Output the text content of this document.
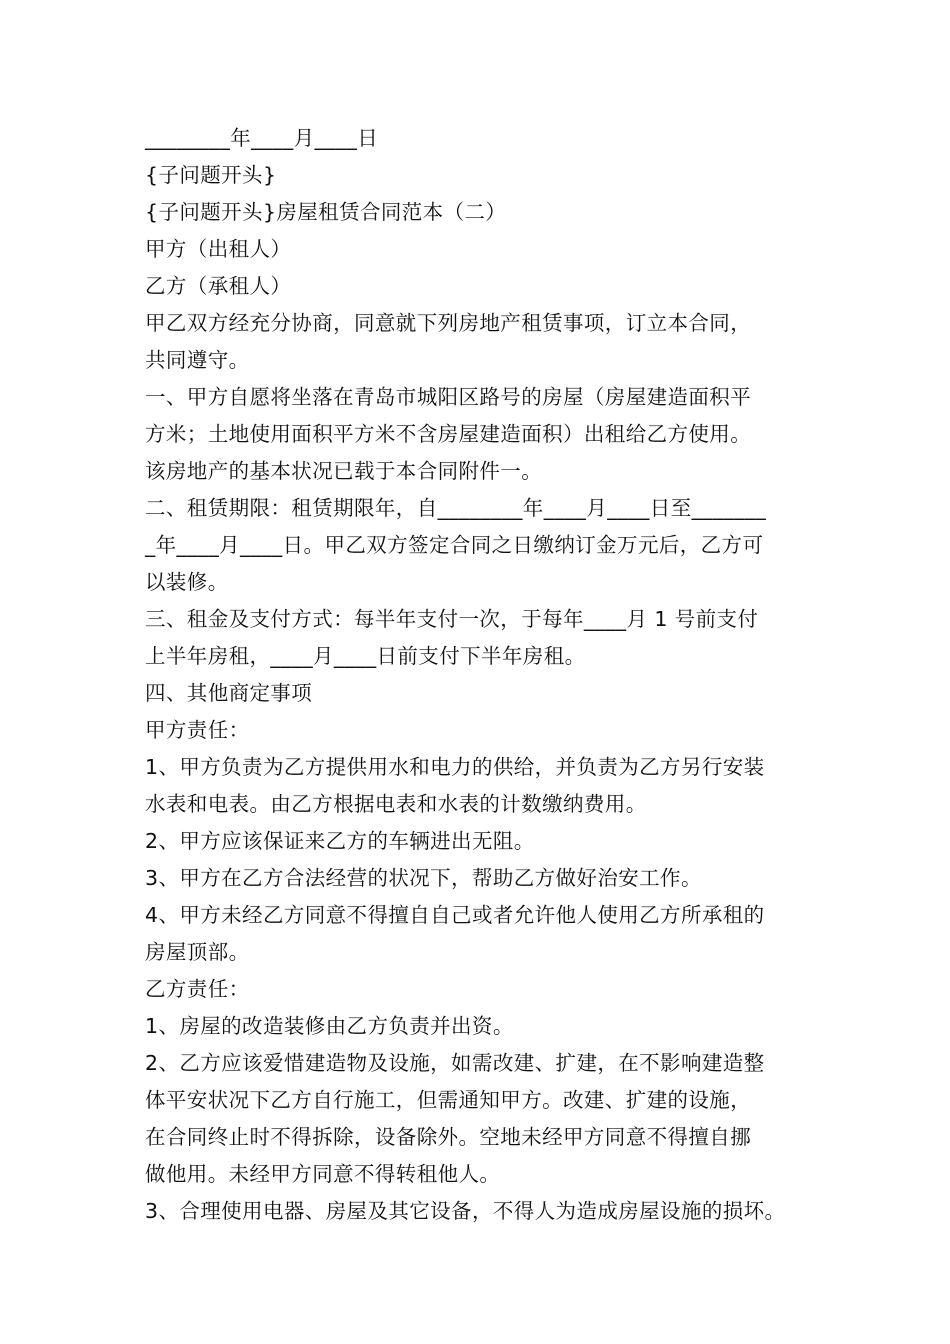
________年____月____日
{子问题开头}
{子问题开头}房屋租赁合同范本（二）
甲方（出租人）
乙方（承租人）
甲乙双方经充分协商，同意就下列房地产租赁事项，订立本合同，
共同遵守。
一、甲方自愿将坐落在青岛市城阳区路号的房屋（房屋建造面积平
方米；土地使用面积平方米不含房屋建造面积）出租给乙方使用。
该房地产的基本状况已载于本合同附件一。
二、租赁期限：租赁期限年，自________年____月____日至_______
_年____月____日。甲乙双方签定合同之日缴纳订金万元后，乙方可
以装修。
三、租金及支付方式：每半年支付一次，于每年____月 1 号前支付
上半年房租，____月____日前支付下半年房租。
四、其他商定事项
甲方责任：
1、甲方负责为乙方提供用水和电力的供给，并负责为乙方另行安装
水表和电表。由乙方根据电表和水表的计数缴纳费用。
2、甲方应该保证来乙方的车辆进出无阻。
3、甲方在乙方合法经营的状况下，帮助乙方做好治安工作。
4、甲方未经乙方同意不得擅自自己或者允许他人使用乙方所承租的
房屋顶部。
乙方责任：
1、房屋的改造装修由乙方负责并出资。
2、乙方应该爱惜建造物及设施，如需改建、扩建，在不影响建造整
体平安状况下乙方自行施工，但需通知甲方。改建、扩建的设施，
在合同终止时不得拆除，设备除外。空地未经甲方同意不得擅自挪
做他用。未经甲方同意不得转租他人。
3、合理使用电器、房屋及其它设备，不得人为造成房屋设施的损坏。
